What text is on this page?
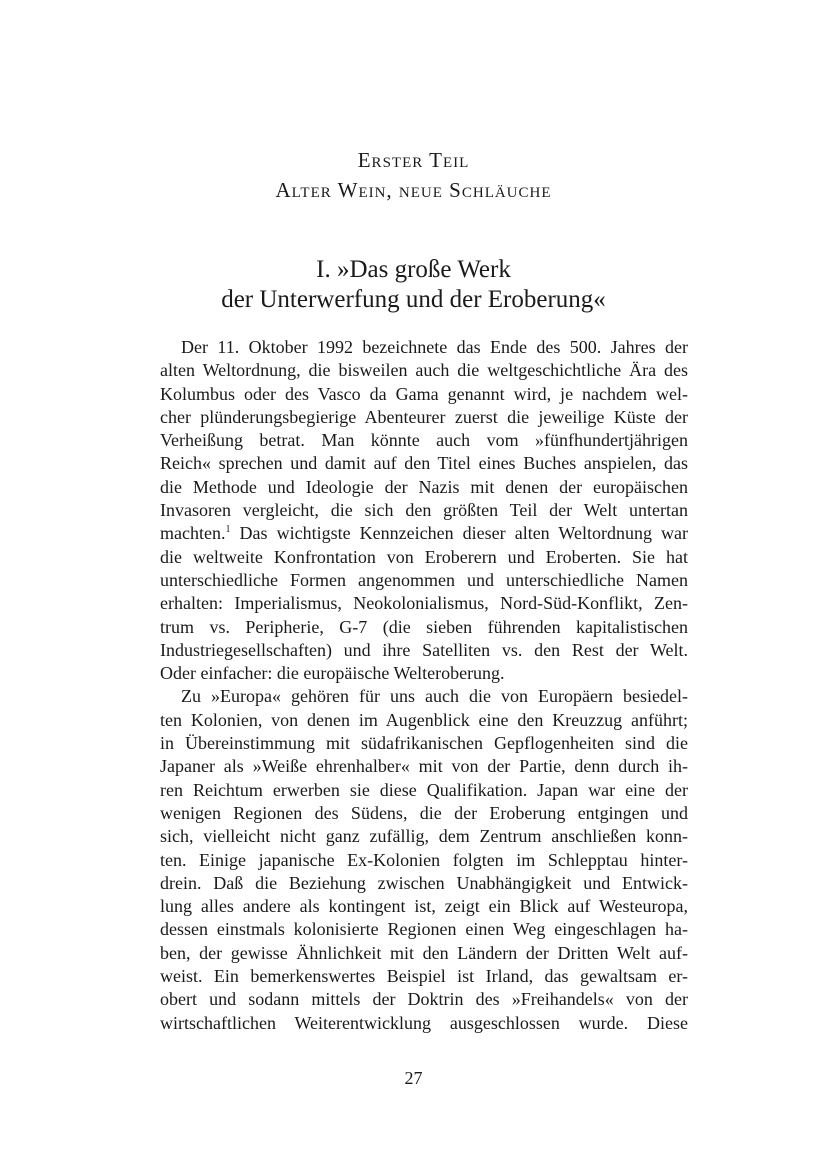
Erster Teil
Alter Wein, neue Schläuche
I. »Das große Werk
der Unterwerfung und der Eroberung«
Der 11. Oktober 1992 bezeichnete das Ende des 500. Jahres der
alten Weltordnung, die bisweilen auch die weltgeschichtliche Ära des
Kolumbus oder des Vasco da Gama genannt wird, je nachdem wel-
cher plünderungsbegierige Abenteurer zuerst die jeweilige Küste der
Verheißung betrat. Man könnte auch vom »fünfhundertjährigen
Reich« sprechen und damit auf den Titel eines Buches anspielen, das
die Methode und Ideologie der Nazis mit denen der europäischen
Invasoren vergleicht, die sich den größten Teil der Welt untertan
machten.$^1$ Das wichtigste Kennzeichen dieser alten Weltordnung war
die weltweite Konfrontation von Eroberern und Eroberten. Sie hat
unterschiedliche Formen angenommen und unterschiedliche Namen
erhalten: Imperialismus, Neokolonialismus, Nord-Süd-Konflikt, Zen-
trum vs. Peripherie, G-7 (die sieben führenden kapitalistischen
Industriegesellschaften) und ihre Satelliten vs. den Rest der Welt.
Oder einfacher: die europäische Welteroberung.
Zu »Europa« gehören für uns auch die von Europäern besiedel-
ten Kolonien, von denen im Augenblick eine den Kreuzzug anführt;
in Übereinstimmung mit südafrikanischen Gepflogenheiten sind die
Japaner als »Weiße ehrenhalber« mit von der Partie, denn durch ih-
ren Reichtum erwerben sie diese Qualifikation. Japan war eine der
wenigen Regionen des Südens, die der Eroberung entgingen und
sich, vielleicht nicht ganz zufällig, dem Zentrum anschließen konn-
ten. Einige japanische Ex-Kolonien folgten im Schlepptau hinter-
drein. Daß die Beziehung zwischen Unabhängigkeit und Entwick-
lung alles andere als kontingent ist, zeigt ein Blick auf Westeuropa,
dessen einstmals kolonisierte Regionen einen Weg eingeschlagen ha-
ben, der gewisse Ähnlichkeit mit den Ländern der Dritten Welt auf-
weist. Ein bemerkenswertes Beispiel ist Irland, das gewaltsam er-
obert und sodann mittels der Doktrin des »Freihandels« von der
wirtschaftlichen Weiterentwicklung ausgeschlossen wurde. Diese
27
